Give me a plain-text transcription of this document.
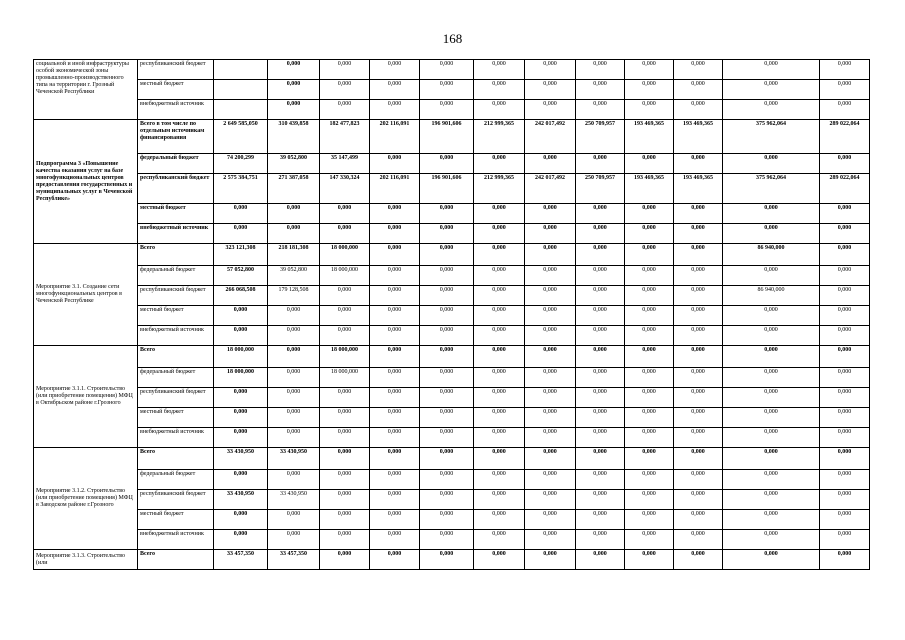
168
социальной и иной инфраструктуры особой экономической зоны промышленно-производственного типа на территории г. Грозный Чеченской Республики	республиканский бюджет		0,000	0,000	0,000	0,000	0,000	0,000	0,000	0,000	0,000	0,000	0,000
	местный бюджет		0,000	0,000	0,000	0,000	0,000	0,000	0,000	0,000	0,000	0,000	0,000
	внебюджетный источник		0,000	0,000	0,000	0,000	0,000	0,000	0,000	0,000	0,000	0,000	0,000
Подпрограмма 3 «Повышение качества оказания услуг на базе многофункциональных центров предоставления государственных и муниципальных услуг в Чеченской Республике»	Всего в том числе по отдельным источникам финансирования	2 649 585,050	310 439,858	182 477,823	202 116,091	196 901,606	212 999,365	242 017,492	250 709,957	193 469,365	193 469,365	375 962,064	289 022,064
	федеральный бюджет	74 200,299	39 052,800	35 147,499	0,000	0,000	0,000	0,000	0,000	0,000	0,000	0,000	0,000
	республиканский бюджет	2 575 384,751	271 387,058	147 330,324	202 116,091	196 901,606	212 999,365	242 017,492	250 709,957	193 469,365	193 469,365	375 962,064	289 022,064
	местный бюджет	0,000	0,000	0,000	0,000	0,000	0,000	0,000	0,000	0,000	0,000	0,000	0,000
	внебюджетный источник	0,000	0,000	0,000	0,000	0,000	0,000	0,000	0,000	0,000	0,000	0,000	0,000
Мероприятие 3.1. Создание сети многофункциональных центров в Чеченской Республике	Всего	323 121,308	218 181,308	18 000,000	0,000	0,000	0,000	0,000	0,000	0,000	0,000	86 940,000	0,000
	федеральный бюджет	57 052,800	39 052,800	18 000,000	0,000	0,000	0,000	0,000	0,000	0,000	0,000	0,000	0,000
	республиканский бюджет	266 068,508	179 128,508	0,000	0,000	0,000	0,000	0,000	0,000	0,000	0,000	86 940,000	0,000
	местный бюджет	0,000	0,000	0,000	0,000	0,000	0,000	0,000	0,000	0,000	0,000	0,000	0,000
	внебюджетный источник	0,000	0,000	0,000	0,000	0,000	0,000	0,000	0,000	0,000	0,000	0,000	0,000
Мероприятие 3.1.1. Строительство (или приобретение помещения) МФЦ в Октябрьском районе г.Грозного	Всего	18 000,000	0,000	18 000,000	0,000	0,000	0,000	0,000	0,000	0,000	0,000	0,000	0,000
	федеральный бюджет	18 000,000	0,000	18 000,000	0,000	0,000	0,000	0,000	0,000	0,000	0,000	0,000	0,000
	республиканский бюджет	0,000	0,000	0,000	0,000	0,000	0,000	0,000	0,000	0,000	0,000	0,000	0,000
	местный бюджет	0,000	0,000	0,000	0,000	0,000	0,000	0,000	0,000	0,000	0,000	0,000	0,000
	внебюджетный источник	0,000	0,000	0,000	0,000	0,000	0,000	0,000	0,000	0,000	0,000	0,000	0,000
Мероприятие 3.1.2. Строительство (или приобретение помещения) МФЦ в Заводском районе г.Грозного	Всего	33 430,950	33 430,950	0,000	0,000	0,000	0,000	0,000	0,000	0,000	0,000	0,000	0,000
	федеральный бюджет	0,000	0,000	0,000	0,000	0,000	0,000	0,000	0,000	0,000	0,000	0,000	0,000
	республиканский бюджет	33 430,950	33 430,950	0,000	0,000	0,000	0,000	0,000	0,000	0,000	0,000	0,000	0,000
	местный бюджет	0,000	0,000	0,000	0,000	0,000	0,000	0,000	0,000	0,000	0,000	0,000	0,000
	внебюджетный источник	0,000	0,000	0,000	0,000	0,000	0,000	0,000	0,000	0,000	0,000	0,000	0,000
Мероприятие 3.1.3. Строительство (или	Всего	33 457,350	33 457,350	0,000	0,000	0,000	0,000	0,000	0,000	0,000	0,000	0,000	0,000
